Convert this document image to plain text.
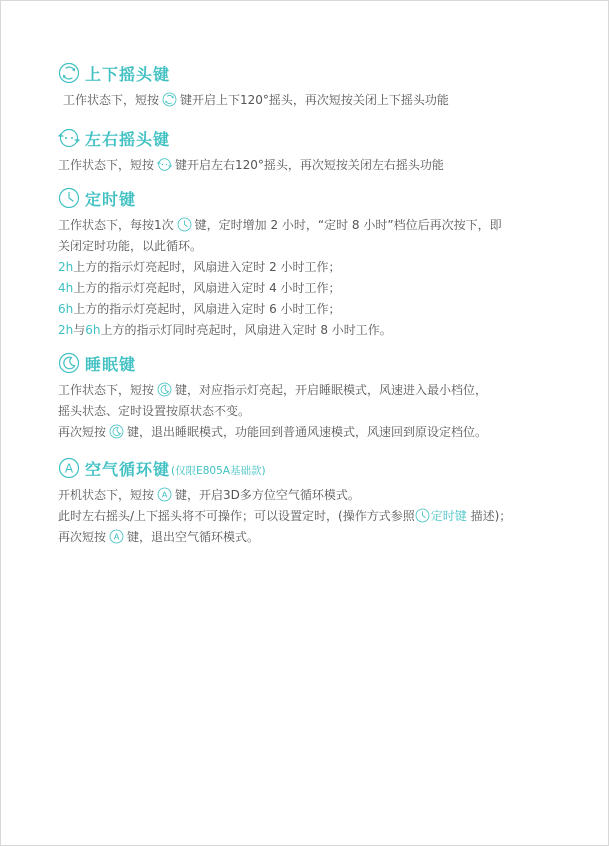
上下摇头键
工作状态下，短按 键开启上下120°摇头，再次短按关闭上下摇头功能
左右摇头键
工作状态下，短按 键开启左右120°摇头，再次短按关闭左右摇头功能
定时键
工作状态下，每按1次 键，定时增加 2 小时，“定时 8 小时”档位后再次按下，即
关闭定时功能，以此循环。
2h上方的指示灯亮起时，风扇进入定时 2 小时工作；
4h上方的指示灯亮起时，风扇进入定时 4 小时工作；
6h上方的指示灯亮起时，风扇进入定时 6 小时工作；
2h与6h上方的指示灯同时亮起时，风扇进入定时 8 小时工作。
睡眠键
工作状态下，短按 键，对应指示灯亮起，开启睡眠模式，风速进入最小档位，
摇头状态、定时设置按原状态不变。
再次短按 键，退出睡眠模式，功能回到普通风速模式，风速回到原设定档位。
A 空气循环键 (仅限E805A基础款)
开机状态下，短按 A 键，开启3D多方位空气循环模式。
此时左右摇头/上下摇头将不可操作；可以设置定时，(操作方式参照 定时键 描述)；
再次短按 A 键，退出空气循环模式。
